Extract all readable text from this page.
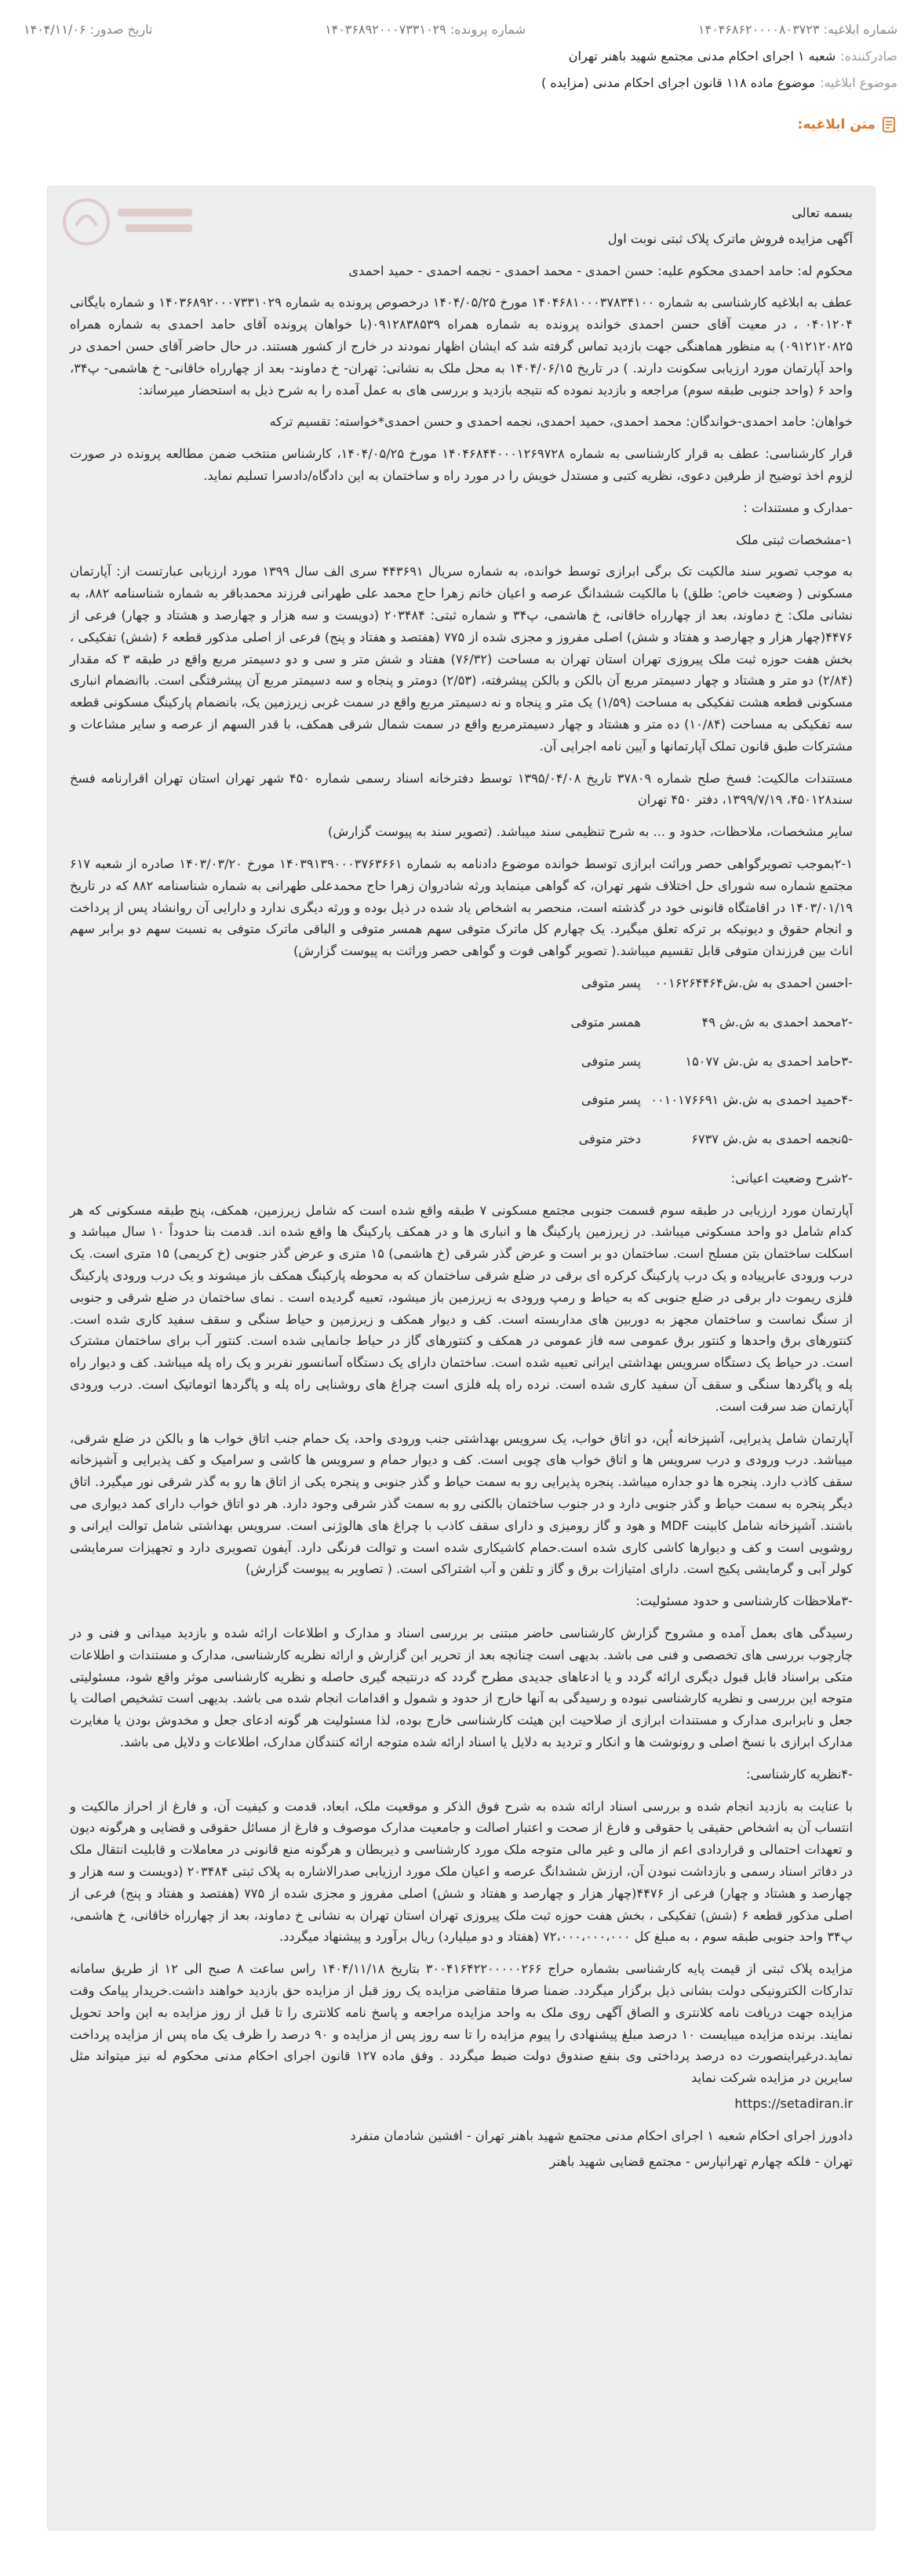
شماره ابلاغیه: ۱۴۰۴۶۸۶۲۰۰۰۰۸۰۳۷۲۳
شماره پرونده: ۱۴۰۳۶۸۹۲۰۰۰۷۳۳۱۰۲۹
تاریخ صدور: ۱۴۰۴/۱۱/۰۶
صادرکننده:
شعبه ۱ اجرای احکام مدنی مجتمع شهید باهنر تهران
موضوع ابلاغیه:
موضوع ماده ۱۱۸ قانون اجرای احکام مدنی (مزایده )
متن ابلاغیه:

بسمه تعالی

آگهی مزایده فروش ماترک پلاک ثبتی نوبت اول

محکوم له: حامد احمدی محکوم علیه: حسن احمدی - محمد احمدی - نجمه احمدی - حمید احمدی

عطف به ابلاغیه کارشناسی به شماره ۱۴۰۴۶۸۱۰۰۰۳۷۸۳۴۱۰۰ مورخ ۱۴۰۴/۰۵/۲۵ درخصوص پرونده به شماره ۱۴۰۳۶۸۹۲۰۰۰۷۳۳۱۰۲۹ و شماره بایگانی ۰۴۰۱۲۰۴ ، در معیت آقای حسن احمدی خوانده پرونده به شماره همراه ۰۹۱۲۸۳۸۵۳۹(با خواهان پرونده آقای حامد احمدی به شماره همراه ۰۹۱۲۱۲۰۸۲۵) به منظور هماهنگی جهت بازدید تماس گرفته شد که ایشان اظهار نمودند در خارج از کشور هستند. در حال حاضر آقای حسن احمدی در واحد آپارتمان مورد ارزیابی سکونت دارند. ) در تاریخ ۱۴۰۴/۰۶/۱۵ به محل ملک به نشانی: تهران- خ دماوند- بعد از چهارراه خاقانی- خ هاشمی- پ۳۴، واحد ۶ (واحد جنوبی طبقه سوم) مراجعه و بازدید نموده که نتیجه بازدید و بررسی های به عمل آمده را به شرح ذیل به استحضار میرساند:

خواهان: حامد احمدی-خواندگان: محمد احمدی، حمید احمدی، نجمه احمدی و حسن احمدی*خواسته: تقسیم ترکه

قرار کارشناسی: عطف به قرار کارشناسی به شماره ۱۴۰۴۶۸۴۴۰۰۰۱۲۶۹۷۲۸ مورخ ۱۴۰۴/۰۵/۲۵، کارشناس منتخب ضمن مطالعه پرونده در صورت لزوم اخذ توضیح از طرفین دعوی، نظریه کتبی و مستدل خویش را در مورد راه و ساختمان به این دادگاه/دادسرا تسلیم نماید.

-مدارک و مستندات :

۱-مشخصات ثبتی ملک

به موجب تصویر سند مالکیت تک برگی ابرازی توسط خوانده، به شماره سریال ۴۴۳۶۹۱ سری الف سال ۱۳۹۹ مورد ارزیابی عبارتست از: آپارتمان مسکونی ( وضعیت خاص: طلق) با مالکیت ششدانگ عرصه و اعیان خانم زهرا حاج محمد علی طهرانی فرزند محمدباقر به شماره شناسنامه ۸۸۲، به نشانی ملک: خ دماوند، بعد از چهارراه خاقانی، خ هاشمی، پ۳۴ و شماره ثبتی: ۲۰۳۴۸۴ (دویست و سه هزار و چهارصد و هشتاد و چهار) فرعی از ۴۴۷۶(چهار هزار و چهارصد و هفتاد و شش) اصلی مفروز و مجزی شده از ۷۷۵ (هفتصد و هفتاد و پنج) فرعی از اصلی مذکور قطعه ۶ (شش) تفکیکی ، بخش هفت حوزه ثبت ملک پیروزی تهران استان تهران به مساحت (۷۶/۳۲) هفتاد و شش متر و سی و دو دسیمتر مربع واقع در طبقه ۳ که مقدار (۲/۸۴) دو متر و هشتاد و چهار دسیمتر مربع آن بالکن و بالکن پیشرفته، (۲/۵۳) دومتر و پنجاه و سه دسیمتر مربع آن پیشرفتگی است. باانضمام انباری مسکونی قطعه هشت تفکیکی به مساحت (۱/۵۹) یک متر و پنجاه و نه دسیمتر مربع واقع در سمت غربی زیرزمین یک، بانضمام پارکینگ مسکونی قطعه سه تفکیکی به مساحت (۱۰/۸۴) ده متر و هشتاد و چهار دسیمترمربع واقع در سمت شمال شرقی همکف، با قدر السهم از عرصه و سایر مشاعات و مشترکات طبق قانون تملک آپارتمانها و آیین نامه اجرایی آن.

مستندات مالکیت: فسخ صلح شماره ۳۷۸۰۹ تاریخ ۱۳۹۵/۰۴/۰۸ توسط دفترخانه اسناد رسمی شماره ۴۵۰ شهر تهران استان تهران اقرارنامه فسخ سند۴۵۰۱۲۸، ۱۳۹۹/۷/۱۹، دفتر ۴۵۰ تهران

سایر مشخصات، ملاحظات، حدود و ... به شرح تنظیمی سند میباشد. (تصویر سند به پیوست گزارش)

۲-۱بموجب تصویرگواهی حصر وراثت ابرازی توسط خوانده موضوع دادنامه به شماره ۱۴۰۳۹۱۳۹۰۰۰۳۷۶۳۶۶۱ مورخ ۱۴۰۳/۰۳/۲۰ صادره از شعبه ۶۱۷ مجتمع شماره سه شورای حل اختلاف شهر تهران، که گواهی مینماید ورثه شادروان زهرا حاج محمدعلی طهرانی به شماره شناسنامه ۸۸۲ که در تاریخ ۱۴۰۳/۰۱/۱۹ در اقامتگاه قانونی خود در گذشته است، منحصر به اشخاص یاد شده در ذیل بوده و ورثه دیگری ندارد و دارایی آن روانشاد پس از پرداخت و انجام حقوق و دیونیکه بر ترکه تعلق میگیرد. یک چهارم کل ماترک متوفی سهم همسر متوفی و الباقی ماترک متوفی به نسبت سهم دو برابر سهم اناث بین فرزندان متوفی قابل تقسیم میباشد.( تصویر گواهی فوت و گواهی حصر وراثت به پیوست گزارش)

-احسن احمدی به ش.ش۰۰۱۶۲۶۴۴۶۴
پسر متوفی
-۲محمد احمدی به ش.ش ۴۹
همسر متوفی
-۳حامد احمدی به ش.ش ۱۵۰۷۷
پسر متوفی
-۴حمید احمدی به ش.ش ۰۰۱۰۱۷۶۶۹۱
پسر متوفی
-۵نجمه احمدی به ش.ش ۶۷۳۷
دختر متوفی

-۲شرح وضعیت اعیانی:

آپارتمان مورد ارزیابی در طبقه سوم قسمت جنوبی مجتمع مسکونی ۷ طبقه واقع شده است که شامل زیرزمین، همکف، پنج طبقه مسکونی که هر کدام شامل دو واحد مسکونی میباشد. در زیرزمین پارکینگ ها و انباری ها و در همکف پارکینگ ها واقع شده اند. قدمت بنا حدوداً ۱۰ سال میباشد و اسکلت ساختمان بتن مسلح است. ساختمان دو بر است و عرض گذر شرقی (خ هاشمی) ۱۵ متری و عرض گذر جنوبی (خ کریمی) ۱۵ متری است. یک درب ورودی عابرپیاده و یک درب پارکینگ کرکره ای برقی در ضلع شرقی ساختمان که به محوطه پارکینگ همکف باز میشوند و یک درب ورودی پارکینگ فلزی ریموت دار برقی در ضلع جنوبی که به حیاط و رمپ ورودی به زیرزمین باز میشود، تعبیه گردیده است . نمای ساختمان در ضلع شرقی و جنوبی از سنگ نماست و ساختمان مجهز به دوربین های مداربسته است. کف و دیوار همکف و زیرزمین و حیاط سنگی و سقف سفید کاری شده است. کنتورهای برق واحدها و کنتور برق عمومی سه فاز عمومی در همکف و کنتورهای گاز در حیاط جانمایی شده است. کنتور آب برای ساختمان مشترک است. در حیاط یک دستگاه سرویس بهداشتی ایرانی تعبیه شده است. ساختمان دارای یک دستگاه آسانسور نفربر و یک راه پله میباشد. کف و دیوار راه پله و پاگردها سنگی و سقف آن سفید کاری شده است. نرده راه پله فلزی است چراغ های روشنایی راه پله و پاگردها اتوماتیک است. درب ورودی آپارتمان ضد سرقت است.

آپارتمان شامل پذیرایی، آشپزخانه اُپن، دو اتاق خواب، یک سرویس بهداشتی جنب ورودی واحد، یک حمام جنب اتاق خواب ها و بالکن در ضلع شرقی، میباشد. درب ورودی و درب سرویس ها و اتاق خواب های چوبی است. کف و دیوار حمام و سرویس ها کاشی و سرامیک و کف پذیرایی و آشپزخانه سقف کاذب دارد. پنجره ها دو جداره میباشد. پنجره پذیرایی رو به سمت حیاط و گذر جنوبی و پنجره یکی از اتاق ها رو به گذر شرقی نور میگیرد. اتاق دیگر پنجره به سمت حیاط و گذر جنوبی دارد و در جنوب ساختمان بالکنی رو به سمت گذر شرقی وجود دارد. هر دو اتاق خواب دارای کمد دیواری می باشند. آشپزخانه شامل کابینت MDF و هود و گاز رومیزی و دارای سقف کاذب با چراغ های هالوژنی است. سرویس بهداشتی شامل توالت ایرانی و روشویی است و کف و دیوارها کاشی کاری شده است.حمام کاشیکاری شده است و توالت فرنگی دارد. آیفون تصویری دارد و تجهیزات سرمایشی کولر آبی و گرمایشی پکیج است. دارای امتیازات برق و گاز و تلفن و آب اشتراکی است. ( تصاویر به پیوست گزارش)

-۳ملاحظات کارشناسی و حدود مسئولیت:

رسیدگی های بعمل آمده و مشروح گزارش کارشناسی حاضر مبتنی بر بررسی اسناد و مدارک و اطلاعات ارائه شده و بازدید میدانی و فنی و در چارچوب بررسی های تخصصی و فنی می باشد. بدیهی است چنانچه بعد از تحریر این گزارش و ارائه نظریه کارشناسی، مدارک و مستندات و اطلاعات متکی براسناد قابل قبول دیگری ارائه گردد و یا ادعاهای جدیدی مطرح گردد که درنتیجه گیری حاصله و نظریه کارشناسی موثر واقع شود، مسئولیتی متوجه این بررسی و نظریه کارشناسی نبوده و رسیدگی به آنها خارج از حدود و شمول و اقدامات انجام شده می باشد. بدیهی است تشخیص اصالت یا جعل و نابرابری مدارک و مستندات ابرازی از صلاحیت این هیئت کارشناسی خارج بوده، لذا مسئولیت هر گونه ادعای جعل و مخدوش بودن یا مغایرت مدارک ابرازی با نسخ اصلی و رونوشت ها و انکار و تردید به دلایل یا اسناد ارائه شده متوجه ارائه کنندگان مدارک، اطلاعات و دلایل می باشد.

-۴نظریه کارشناسی:

با عنایت به بازدید انجام شده و بررسی اسناد ارائه شده به شرح فوق الذکر و موقعیت ملک، ابعاد، قدمت و کیفیت آن، و فارغ از احراز مالکیت و انتساب آن به اشخاص حقیقی یا حقوقی و فارغ از صحت و اعتبار اصالت و جامعیت مدارک موصوف و فارغ از مسائل حقوقی و قضایی و هرگونه دیون و تعهدات احتمالی و قراردادی اعم از مالی و غیر مالی متوجه ملک مورد کارشناسی و ذیربطان و هرگونه منع قانونی در معاملات و قابلیت انتقال ملک در دفاتر اسناد رسمی و بازداشت نبودن آن، ارزش ششدانگ عرصه و اعیان ملک مورد ارزیابی صدرالاشاره به پلاک ثبتی ۲۰۳۴۸۴ (دویست و سه هزار و چهارصد و هشتاد و چهار) فرعی از ۴۴۷۶(چهار هزار و چهارصد و هفتاد و شش) اصلی مفروز و مجزی شده از ۷۷۵ (هفتصد و هفتاد و پنج) فرعی از اصلی مذکور قطعه ۶ (شش) تفکیکی ، بخش هفت حوزه ثبت ملک پیروزی تهران استان تهران به نشانی خ دماوند، بعد از چهارراه خاقانی، خ هاشمی، پ۳۴ واحد جنوبی طبقه سوم ، به مبلغ کل ۷۲،۰۰۰،۰۰۰،۰۰۰ (هفتاد و دو میلیارد) ریال برآورد و پیشنهاد میگردد.

مزایده پلاک ثبتی از قیمت پایه کارشناسی بشماره حراج ۳۰۰۴۱۶۴۲۲۰۰۰۰۰۲۶۶ بتاریخ ۱۴۰۴/۱۱/۱۸ راس ساعت ۸ صبح الی ۱۲ از طریق سامانه تدارکات الکترونیکی دولت بشانی ذیل برگزار میگردد. ضمنا صرفا متقاضی مزایده یک روز قبل از مزایده حق بازدید خواهند داشت.خریدار پیامک وقت مزایده جهت دریافت نامه کلانتری و الصاق آگهی روی ملک به واحد مزایده مراجعه و پاسخ نامه کلانتری را تا قبل از روز مزایده به این واحد تحویل نمایند. برنده مزایده میبایست ۱۰ درصد مبلغ پیشنهادی را پیوم مزایده را تا سه روز پس از مزایده و ۹۰ درصد را ظرف یک ماه پس از مزایده پرداخت نماید.درغیراینصورت ده درصد پرداختی وی بنفع صندوق دولت ضبط میگردد . وفق ماده ۱۲۷ قانون اجرای احکام مدنی محکوم له نیز میتواند مثل سایرین در مزایده شرکت نماید

https://setadiran.ir

دادورز اجرای احکام شعبه ۱ اجرای احکام مدنی مجتمع شهید باهنر تهران - افشین شادمان منفرد

تهران - فلکه چهارم تهرانپارس - مجتمع قضایی شهید باهنر
